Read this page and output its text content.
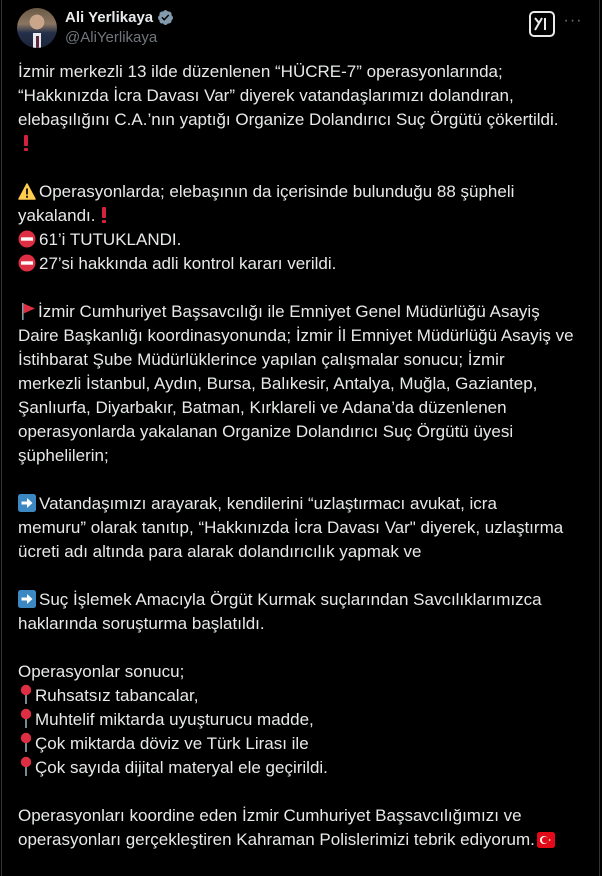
Ali Yerlikaya
@AliYerlikaya
···

İzmir merkezli 13 ilde düzenlenen “HÜCRE-7” operasyonlarında;

“Hakkınızda İcra Davası Var” diyerek vatandaşlarımızı dolandıran,

elebaşılığını C.A.’nın yaptığı Organize Dolandırıcı Suç Örgütü çökertildi.

Operasyonlarda; elebaşının da içerisinde bulunduğu 88 şüpheli

yakalandı.

61’i TUTUKLANDI.

27’si hakkında adli kontrol kararı verildi.

İzmir Cumhuriyet Başsavcılığı ile Emniyet Genel Müdürlüğü Asayiş

Daire Başkanlığı koordinasyonunda; İzmir İl Emniyet Müdürlüğü Asayiş ve

İstihbarat Şube Müdürlüklerince yapılan çalışmalar sonucu; İzmir

merkezli İstanbul, Aydın, Bursa, Balıkesir, Antalya, Muğla, Gaziantep,

Şanlıurfa, Diyarbakır, Batman, Kırklareli ve Adana’da düzenlenen

operasyonlarda yakalanan Organize Dolandırıcı Suç Örgütü üyesi

şüphelilerin;

Vatandaşımızı arayarak, kendilerini “uzlaştırmacı avukat, icra

memuru” olarak tanıtıp, “Hakkınızda İcra Davası Var" diyerek, uzlaştırma

ücreti adı altında para alarak dolandırıcılık yapmak ve

Suç İşlemek Amacıyla Örgüt Kurmak suçlarından Savcılıklarımızca

haklarında soruşturma başlatıldı.

Operasyonlar sonucu;

Ruhsatsız tabancalar,

Muhtelif miktarda uyuşturucu madde,

Çok miktarda döviz ve Türk Lirası ile

Çok sayıda dijital materyal ele geçirildi.

Operasyonları koordine eden İzmir Cumhuriyet Başsavcılığımızı ve

operasyonları gerçekleştiren Kahraman Polislerimizi tebrik ediyorum.
